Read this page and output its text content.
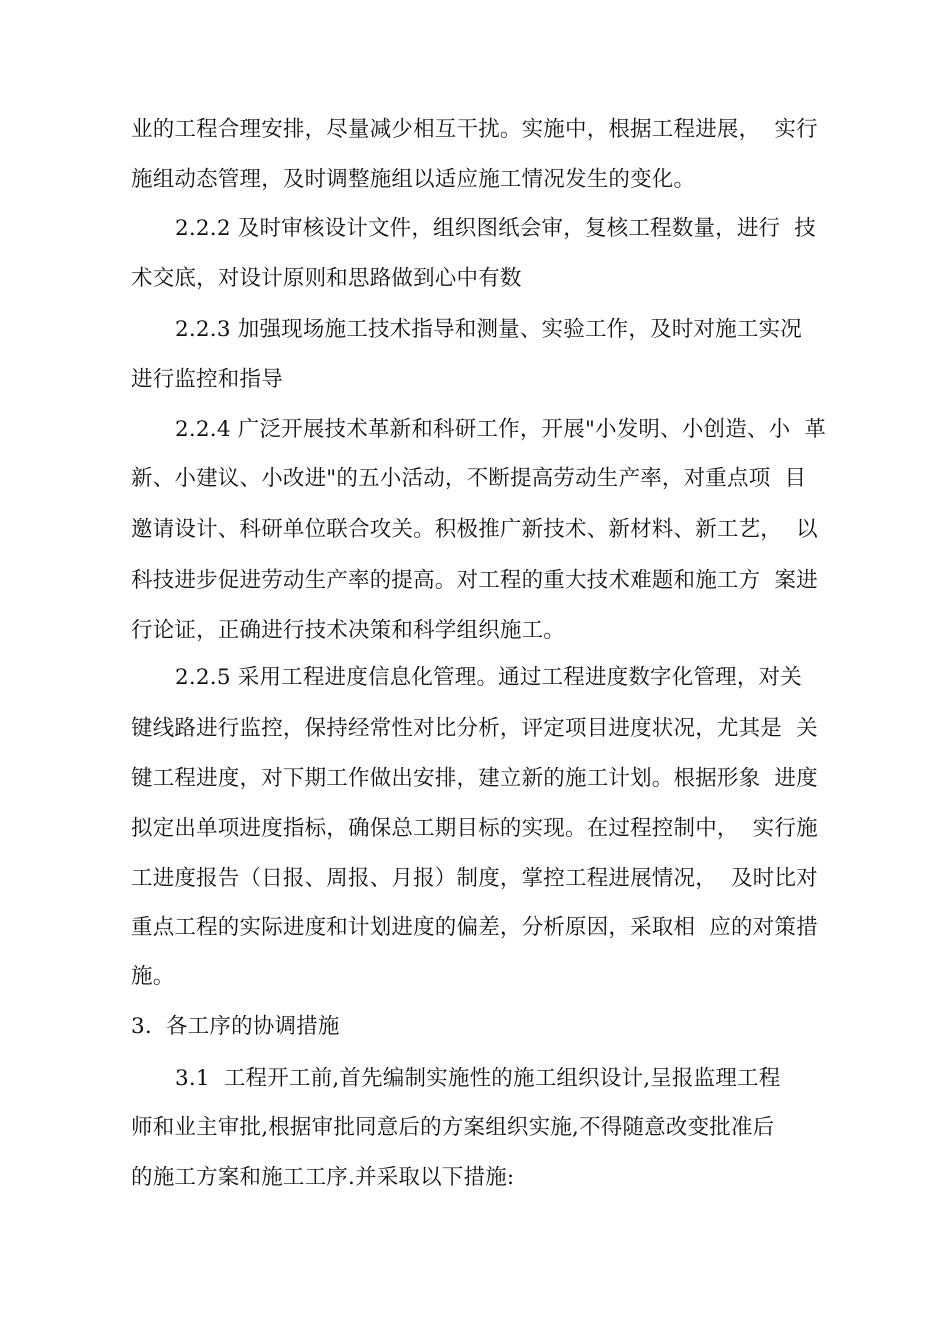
业的工程合理安排，尽量减少相互干扰。实施中，根据工程进展，  实行
施组动态管理，及时调整施组以适应施工情况发生的变化。
2.2.2 及时审核设计文件，组织图纸会审，复核工程数量，进行  技
术交底，对设计原则和思路做到心中有数
2.2.3 加强现场施工技术指导和测量、实验工作，及时对施工实况
进行监控和指导
2.2.4 广泛开展技术革新和科研工作，开展"小发明、小创造、小  革
新、小建议、小改进"的五小活动，不断提高劳动生产率，对重点项  目
邀请设计、科研单位联合攻关。积极推广新技术、新材料、新工艺，  以
科技进步促进劳动生产率的提高。对工程的重大技术难题和施工方  案进
行论证，正确进行技术决策和科学组织施工。
2.2.5 采用工程进度信息化管理。通过工程进度数字化管理，对关
键线路进行监控，保持经常性对比分析，评定项目进度状况，尤其是  关
键工程进度，对下期工作做出安排，建立新的施工计划。根据形象  进度
拟定出单项进度指标，确保总工期目标的实现。在过程控制中，  实行施
工进度报告（日报、周报、月报）制度，掌控工程进展情况，  及时比对
重点工程的实际进度和计划进度的偏差，分析原因，采取相  应的对策措
施。
3.  各工序的协调措施
3.1  工程开工前,首先编制实施性的施工组织设计,呈报监理工程
师和业主审批,根据审批同意后的方案组织实施,不得随意改变批准后
的施工方案和施工工序.并采取以下措施:
